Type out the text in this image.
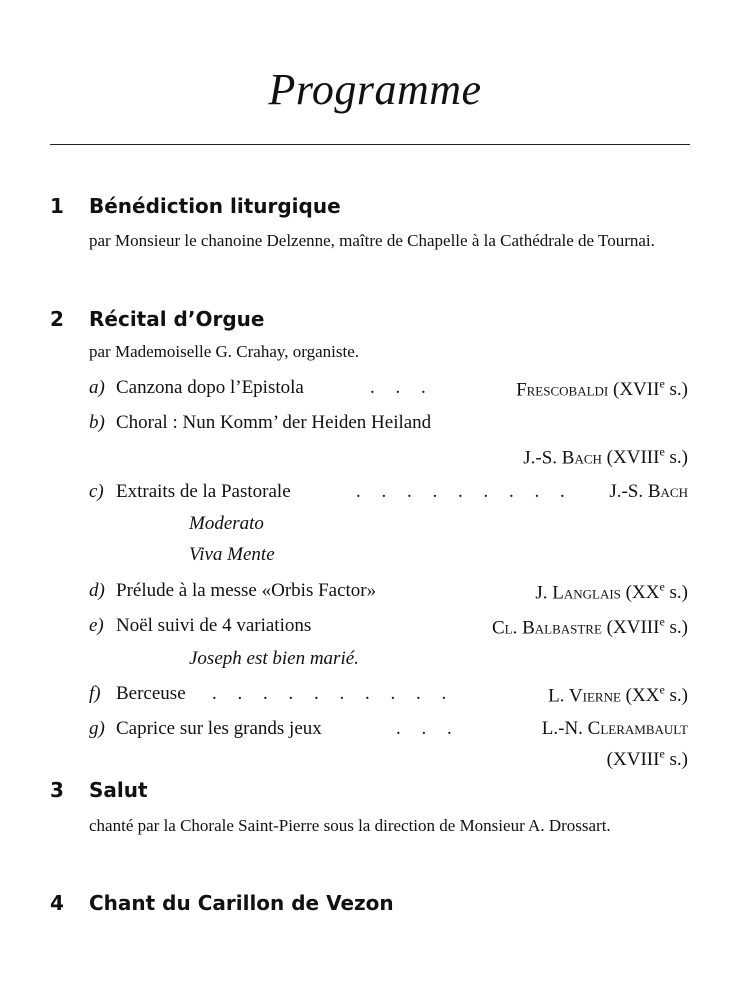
Programme
1 Bénédiction liturgique
par Monsieur le chanoine Delzenne, maître de Chapelle à la Cathédrale de Tournai.
2 Récital d’Orgue
par Mademoiselle G. Crahay, organiste.
a) Canzona dopo l’Epistola	. . .	Frescobaldi (XVIIe s.)
b) Choral : Nun Komm’ der Heiden Heiland
J.-S. Bach (XVIIIe s.)
c) Extraits de la Pastorale	. . . . . . . . . J.-S. Bach
Moderato
Viva Mente
d) Prélude à la messe «Orbis Factor»	J. Langlais (XXe s.)
e) Noël suivi de 4 variations	Cl. Balbastre (XVIIIe s.)
Joseph est bien marié.
f) Berceuse . . . . . . . . . .	L. Vierne (XXe s.)
g) Caprice sur les grands jeux	. . .	L.-N. Clerambault
(XVIIIe s.)
3 Salut
chanté par la Chorale Saint-Pierre sous la direction de Monsieur A. Drossart.
4 Chant du Carillon de Vezon
